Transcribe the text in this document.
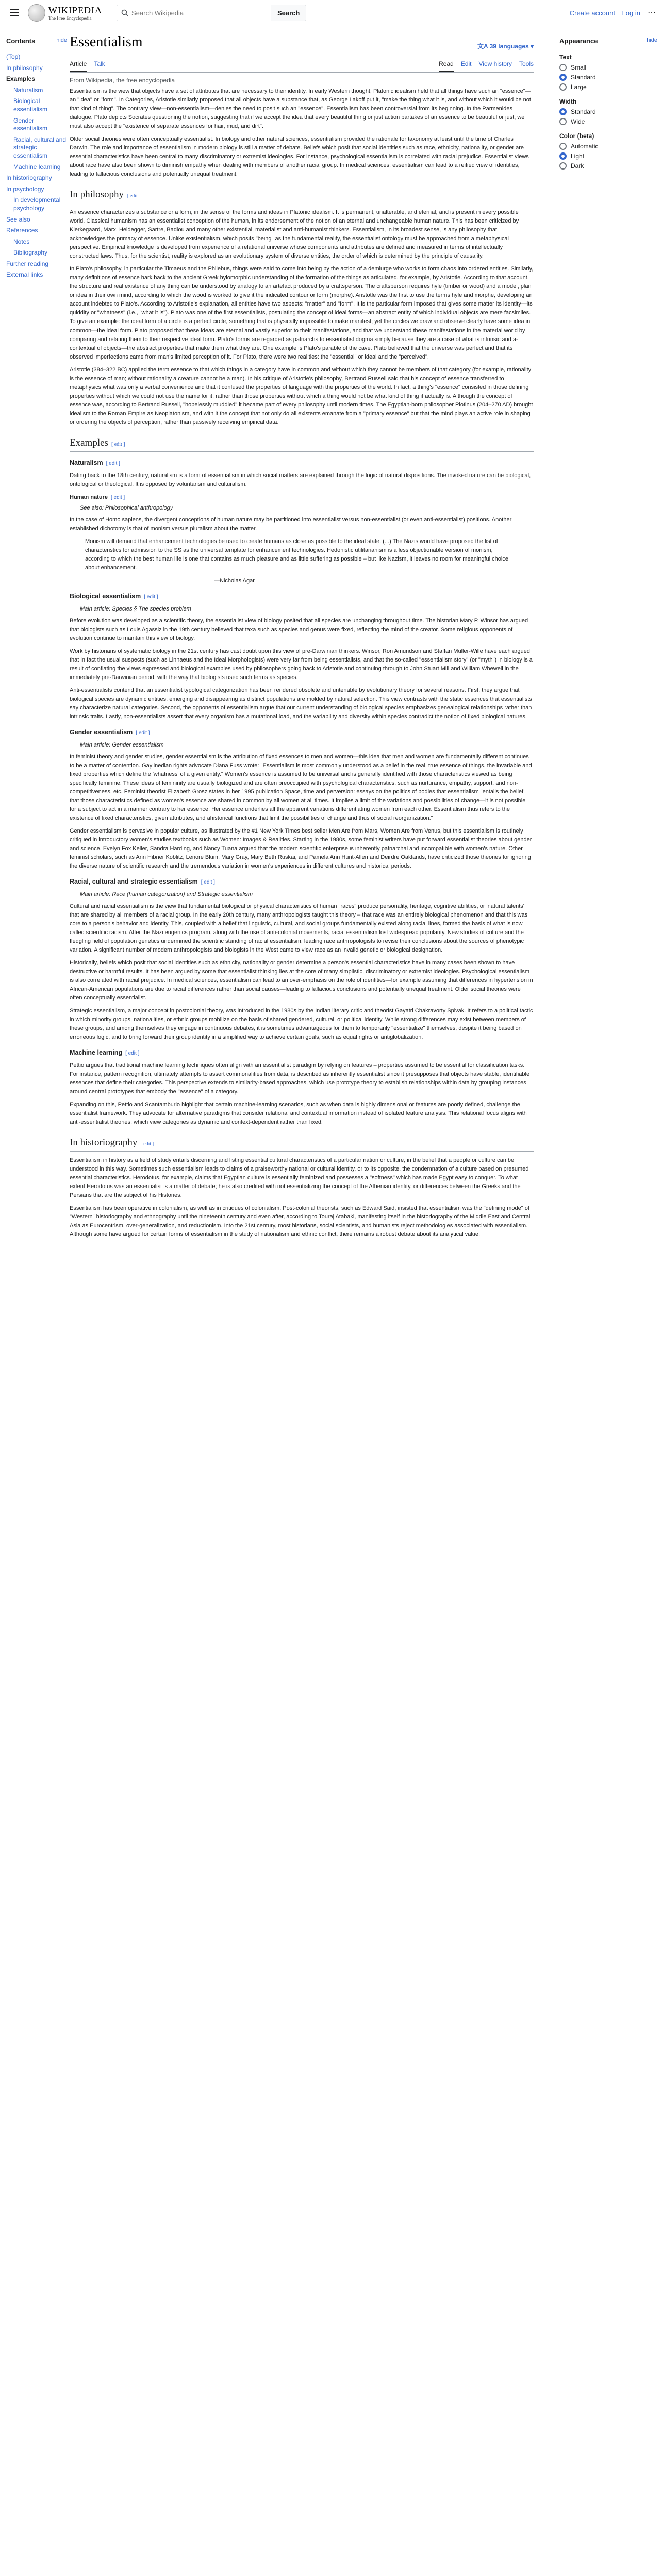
WIKIPEDIA
The Free Encyclopedia
Search Wikipedia
Search	Create account Log in ⋯
Contents	hide
(Top)
In philosophy
Examples
Naturalism
Biological essentialism
Gender essentialism
Racial, cultural and strategic essentialism
Machine learning
In historiography
In psychology
In developmental psychology
See also
References
Notes
Bibliography
Further reading
External links
Essentialism	文A 39 languages ▾
Article Talk	Read Edit View history Tools
From Wikipedia, the free encyclopedia

Essentialism is the view that objects have a set of attributes that are necessary to their identity. In early Western thought, Platonic idealism held that all things have such an "essence"—an "idea" or "form". In Categories, Aristotle similarly proposed that all objects have a substance that, as George Lakoff put it, "make the thing what it is, and without which it would be not that kind of thing". The contrary view—non-essentialism—denies the need to posit such an "essence". Essentialism has been controversial from its beginning. In the Parmenides dialogue, Plato depicts Socrates questioning the notion, suggesting that if we accept the idea that every beautiful thing or just action partakes of an essence to be beautiful or just, we must also accept the "existence of separate essences for hair, mud, and dirt".

Older social theories were often conceptually essentialist. In biology and other natural sciences, essentialism provided the rationale for taxonomy at least until the time of Charles Darwin. The role and importance of essentialism in modern biology is still a matter of debate. Beliefs which posit that social identities such as race, ethnicity, nationality, or gender are essential characteristics have been central to many discriminatory or extremist ideologies. For instance, psychological essentialism is correlated with racial prejudice. Essentialist views about race have also been shown to diminish empathy when dealing with members of another racial group. In medical sciences, essentialism can lead to a reified view of identities, leading to fallacious conclusions and potentially unequal treatment.

In philosophy [ edit ]

An essence characterizes a substance or a form, in the sense of the forms and ideas in Platonic idealism. It is permanent, unalterable, and eternal, and is present in every possible world. Classical humanism has an essentialist conception of the human, in its endorsement of the notion of an eternal and unchangeable human nature. This has been criticized by Kierkegaard, Marx, Heidegger, Sartre, Badiou and many other existential, materialist and anti-humanist thinkers. Essentialism, in its broadest sense, is any philosophy that acknowledges the primacy of essence. Unlike existentialism, which posits "being" as the fundamental reality, the essentialist ontology must be approached from a metaphysical perspective. Empirical knowledge is developed from experience of a relational universe whose components and attributes are defined and measured in terms of intellectually constructed laws. Thus, for the scientist, reality is explored as an evolutionary system of diverse entities, the order of which is determined by the principle of causality.

In Plato's philosophy, in particular the Timaeus and the Philebus, things were said to come into being by the action of a demiurge who works to form chaos into ordered entities. Similarly, many definitions of essence hark back to the ancient Greek hylomorphic understanding of the formation of the things as articulated, for example, by Aristotle. According to that account, the structure and real existence of any thing can be understood by analogy to an artefact produced by a craftsperson. The craftsperson requires hyle (timber or wood) and a model, plan or idea in their own mind, according to which the wood is worked to give it the indicated contour or form (morphe). Aristotle was the first to use the terms hyle and morphe, developing an account indebted to Plato's. According to Aristotle's explanation, all entities have two aspects: "matter" and "form". It is the particular form imposed that gives some matter its identity—its quiddity or "whatness" (i.e., "what it is"). Plato was one of the first essentialists, postulating the concept of ideal forms—an abstract entity of which individual objects are mere facsimiles. To give an example: the ideal form of a circle is a perfect circle, something that is physically impossible to make manifest; yet the circles we draw and observe clearly have some idea in common—the ideal form. Plato proposed that these ideas are eternal and vastly superior to their manifestations, and that we understand these manifestations in the material world by comparing and relating them to their respective ideal form. Plato's forms are regarded as patriarchs to essentialist dogma simply because they are a case of what is intrinsic and a-contextual of objects—the abstract properties that make them what they are. One example is Plato's parable of the cave. Plato believed that the universe was perfect and that its observed imperfections came from man's limited perception of it. For Plato, there were two realities: the "essential" or ideal and the "perceived".

Aristotle (384–322 BC) applied the term essence to that which things in a category have in common and without which they cannot be members of that category (for example, rationality is the essence of man; without rationality a creature cannot be a man). In his critique of Aristotle's philosophy, Bertrand Russell said that his concept of essence transferred to metaphysics what was only a verbal convenience and that it confused the properties of language with the properties of the world. In fact, a thing's "essence" consisted in those defining properties without which we could not use the name for it, rather than those properties without which a thing would not be what kind of thing it actually is. Although the concept of essence was, according to Bertrand Russell, "hopelessly muddled" it became part of every philosophy until modern times. The Egyptian-born philosopher Plotinus (204–270 AD) brought idealism to the Roman Empire as Neoplatonism, and with it the concept that not only do all existents emanate from a "primary essence" but that the mind plays an active role in shaping or ordering the objects of perception, rather than passively receiving empirical data.

Examples [ edit ]
Naturalism [ edit ]

Dating back to the 18th century, naturalism is a form of essentialism in which social matters are explained through the logic of natural dispositions. The invoked nature can be biological, ontological or theological. It is opposed by voluntarism and culturalism.

Human nature [ edit ]
See also: Philosophical anthropology

In the case of Homo sapiens, the divergent conceptions of human nature may be partitioned into essentialist versus non-essentialist (or even anti-essentialist) positions. Another established dichotomy is that of monism versus pluralism about the matter.

Monism will demand that enhancement technologies be used to create humans as close as possible to the ideal state. (...) The Nazis would have proposed the list of characteristics for admission to the SS as the universal template for enhancement technologies. Hedonistic utilitarianism is a less objectionable version of monism, according to which the best human life is one that contains as much pleasure and as little suffering as possible – but like Nazism, it leaves no room for meaningful choice about enhancement.

—Nicholas Agar
Biological essentialism [ edit ]
Main article: Species § The species problem

Before evolution was developed as a scientific theory, the essentialist view of biology posited that all species are unchanging throughout time. The historian Mary P. Winsor has argued that biologists such as Louis Agassiz in the 19th century believed that taxa such as species and genus were fixed, reflecting the mind of the creator. Some religious opponents of evolution continue to maintain this view of biology.

Work by historians of systematic biology in the 21st century has cast doubt upon this view of pre-Darwinian thinkers. Winsor, Ron Amundson and Staffan Müller-Wille have each argued that in fact the usual suspects (such as Linnaeus and the Ideal Morphologists) were very far from being essentialists, and that the so-called "essentialism story" (or "myth") in biology is a result of conflating the views expressed and biological examples used by philosophers going back to Aristotle and continuing through to John Stuart Mill and William Whewell in the immediately pre-Darwinian period, with the way that biologists used such terms as species.

Anti-essentialists contend that an essentialist typological categorization has been rendered obsolete and untenable by evolutionary theory for several reasons. First, they argue that biological species are dynamic entities, emerging and disappearing as distinct populations are molded by natural selection. This view contrasts with the static essences that essentialists say characterize natural categories. Second, the opponents of essentialism argue that our current understanding of biological species emphasizes genealogical relationships rather than intrinsic traits. Lastly, non-essentialists assert that every organism has a mutational load, and the variability and diversity within species contradict the notion of fixed biological natures.

Gender essentialism [ edit ]
Main article: Gender essentialism

In feminist theory and gender studies, gender essentialism is the attribution of fixed essences to men and women—this idea that men and women are fundamentally different continues to be a matter of contention. Gaylinedian rights advocate Diana Fuss wrote: "Essentialism is most commonly understood as a belief in the real, true essence of things, the invariable and fixed properties which define the 'whatness' of a given entity." Women's essence is assumed to be universal and is generally identified with those characteristics viewed as being specifically feminine. These ideas of femininity are usually biologized and are often preoccupied with psychological characteristics, such as nurturance, empathy, support, and non-competitiveness, etc. Feminist theorist Elizabeth Grosz states in her 1995 publication Space, time and perversion: essays on the politics of bodies that essentialism "entails the belief that those characteristics defined as women's essence are shared in common by all women at all times. It implies a limit of the variations and possibilities of change—it is not possible for a subject to act in a manner contrary to her essence. Her essence underlies all the apparent variations differentiating women from each other. Essentialism thus refers to the existence of fixed characteristics, given attributes, and ahistorical functions that limit the possibilities of change and thus of social reorganization."

Gender essentialism is pervasive in popular culture, as illustrated by the #1 New York Times best seller Men Are from Mars, Women Are from Venus, but this essentialism is routinely critiqued in introductory women's studies textbooks such as Women: Images & Realities. Starting in the 1980s, some feminist writers have put forward essentialist theories about gender and science. Evelyn Fox Keller, Sandra Harding, and Nancy Tuana argued that the modern scientific enterprise is inherently patriarchal and incompatible with women's nature. Other feminist scholars, such as Ann Hibner Koblitz, Lenore Blum, Mary Gray, Mary Beth Ruskai, and Pamela Ann Hunt-Allen and Deirdre Oaklands, have criticized those theories for ignoring the diverse nature of scientific research and the tremendous variation in women's experiences in different cultures and historical periods.

Racial, cultural and strategic essentialism [ edit ]
Main article: Race (human categorization) and Strategic essentialism

Cultural and racial essentialism is the view that fundamental biological or physical characteristics of human "races" produce personality, heritage, cognitive abilities, or 'natural talents' that are shared by all members of a racial group. In the early 20th century, many anthropologists taught this theory – that race was an entirely biological phenomenon and that this was core to a person's behavior and identity. This, coupled with a belief that linguistic, cultural, and social groups fundamentally existed along racial lines, formed the basis of what is now called scientific racism. After the Nazi eugenics program, along with the rise of anti-colonial movements, racial essentialism lost widespread popularity. New studies of culture and the fledgling field of population genetics undermined the scientific standing of racial essentialism, leading race anthropologists to revise their conclusions about the sources of phenotypic variation. A significant number of modern anthropologists and biologists in the West came to view race as an invalid genetic or biological designation.

Historically, beliefs which posit that social identities such as ethnicity, nationality or gender determine a person's essential characteristics have in many cases been shown to have destructive or harmful results. It has been argued by some that essentialist thinking lies at the core of many simplistic, discriminatory or extremist ideologies. Psychological essentialism is also correlated with racial prejudice. In medical sciences, essentialism can lead to an over-emphasis on the role of identities—for example assuming that differences in hypertension in African-American populations are due to racial differences rather than social causes—leading to fallacious conclusions and potentially unequal treatment. Older social theories were often conceptually essentialist.

Strategic essentialism, a major concept in postcolonial theory, was introduced in the 1980s by the Indian literary critic and theorist Gayatri Chakravorty Spivak. It refers to a political tactic in which minority groups, nationalities, or ethnic groups mobilize on the basis of shared gendered, cultural, or political identity. While strong differences may exist between members of these groups, and among themselves they engage in continuous debates, it is sometimes advantageous for them to temporarily "essentialize" themselves, despite it being based on erroneous logic, and to bring forward their group identity in a simplified way to achieve certain goals, such as equal rights or antiglobalization.

Machine learning [ edit ]

Pettio argues that traditional machine learning techniques often align with an essentialist paradigm by relying on features – properties assumed to be essential for classification tasks. For instance, pattern recognition, ultimately attempts to assert commonalities from data, is described as inherently essentialist since it presupposes that objects have stable, identifiable essences that define their categories. This perspective extends to similarity-based approaches, which use prototype theory to establish relationships within data by grouping instances around central prototypes that embody the "essence" of a category.

Expanding on this, Pettio and Scantamburlo highlight that certain machine-learning scenarios, such as when data is highly dimensional or features are poorly defined, challenge the essentialist framework. They advocate for alternative paradigms that consider relational and contextual information instead of isolated feature analysis. This relational focus aligns with anti-essentialist theories, which view categories as dynamic and context-dependent rather than fixed.

In historiography [ edit ]

Essentialism in history as a field of study entails discerning and listing essential cultural characteristics of a particular nation or culture, in the belief that a people or culture can be understood in this way. Sometimes such essentialism leads to claims of a praiseworthy national or cultural identity, or to its opposite, the condemnation of a culture based on presumed essential characteristics. Herodotus, for example, claims that Egyptian culture is essentially feminized and possesses a "softness" which has made Egypt easy to conquer. To what extent Herodotus was an essentialist is a matter of debate; he is also credited with not essentializing the concept of the Athenian identity, or differences between the Greeks and the Persians that are the subject of his Histories.

Essentialism has been operative in colonialism, as well as in critiques of colonialism. Post-colonial theorists, such as Edward Said, insisted that essentialism was the "defining mode" of "Western" historiography and ethnography until the nineteenth century and even after, according to Touraj Atabaki, manifesting itself in the historiography of the Middle East and Central Asia as Eurocentrism, over-generalization, and reductionism. Into the 21st century, most historians, social scientists, and humanists reject methodologies associated with essentialism. Although some have argued for certain forms of essentialism in the study of nationalism and ethnic conflict, there remains a robust debate about its analytical value.

Appearance	hide
Text
Small
Standard
Large
Width
Standard
Wide
Color (beta)
Automatic
Light
Dark
